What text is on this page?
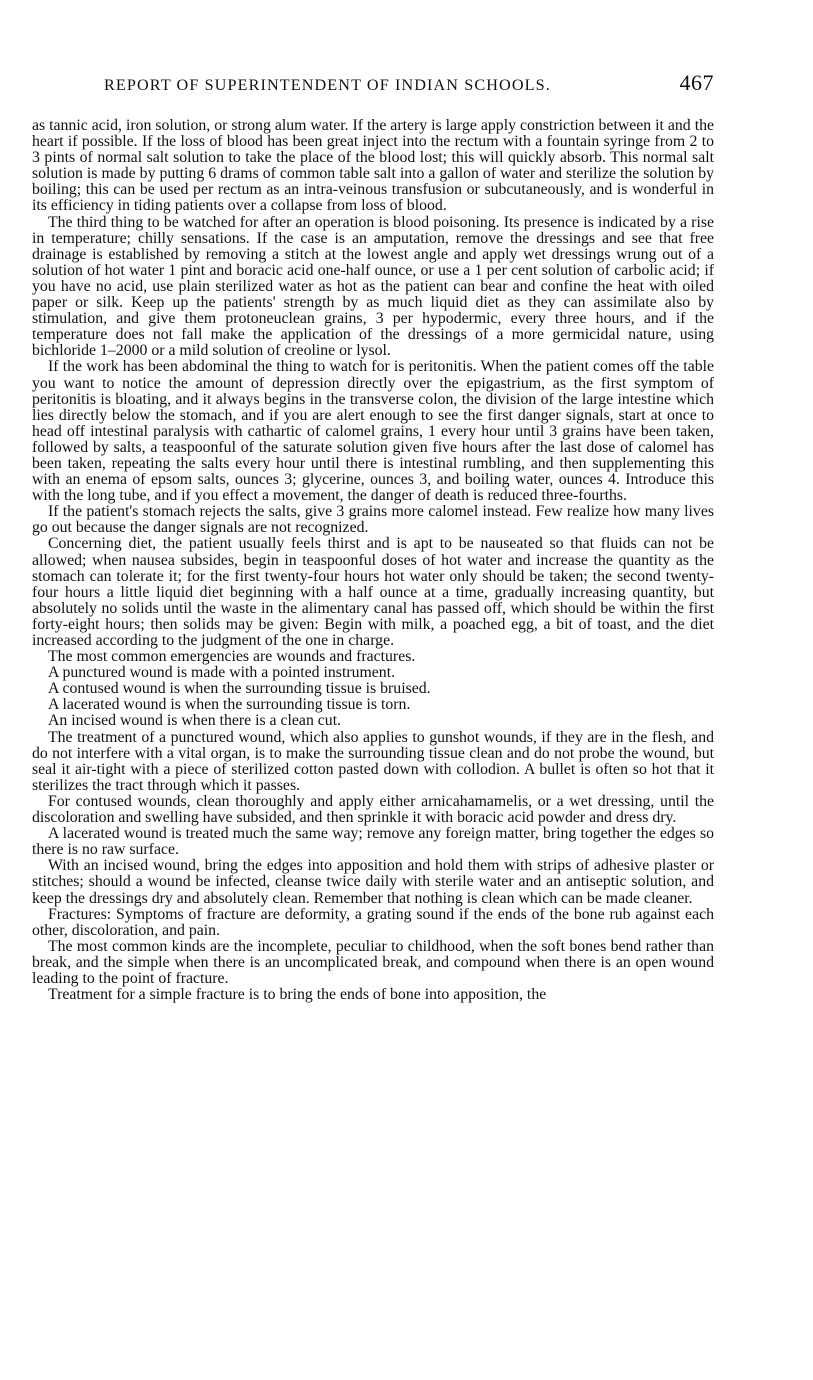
REPORT OF SUPERINTENDENT OF INDIAN SCHOOLS.	467

as tannic acid, iron solution, or strong alum water. If the artery is large apply constriction between it and the heart if possible. If the loss of blood has been great inject into the rectum with a fountain syringe from 2 to 3 pints of normal salt solution to take the place of the blood lost; this will quickly absorb. This normal salt solution is made by putting 6 drams of common table salt into a gallon of water and sterilize the solution by boiling; this can be used per rectum as an intra-veinous transfusion or subcutaneously, and is wonderful in its efficiency in tiding patients over a collapse from loss of blood.

The third thing to be watched for after an operation is blood poisoning. Its presence is indicated by a rise in temperature; chilly sensations. If the case is an amputation, remove the dressings and see that free drainage is established by removing a stitch at the lowest angle and apply wet dressings wrung out of a solution of hot water 1 pint and boracic acid one-half ounce, or use a 1 per cent solution of carbolic acid; if you have no acid, use plain sterilized water as hot as the patient can bear and confine the heat with oiled paper or silk. Keep up the patients' strength by as much liquid diet as they can assimilate also by stimulation, and give them protoneuclean grains, 3 per hypodermic, every three hours, and if the temperature does not fall make the application of the dressings of a more germicidal nature, using bichloride 1–2000 or a mild solution of creoline or lysol.

If the work has been abdominal the thing to watch for is peritonitis. When the patient comes off the table you want to notice the amount of depression directly over the epigastrium, as the first symptom of peritonitis is bloating, and it always begins in the transverse colon, the division of the large intestine which lies directly below the stomach, and if you are alert enough to see the first danger signals, start at once to head off intestinal paralysis with cathartic of calomel grains, 1 every hour until 3 grains have been taken, followed by salts, a teaspoonful of the saturate solution given five hours after the last dose of calomel has been taken, repeating the salts every hour until there is intestinal rumbling, and then supplementing this with an enema of epsom salts, ounces 3; glycerine, ounces 3, and boiling water, ounces 4. Introduce this with the long tube, and if you effect a movement, the danger of death is reduced three-fourths.

If the patient's stomach rejects the salts, give 3 grains more calomel instead. Few realize how many lives go out because the danger signals are not recognized.

Concerning diet, the patient usually feels thirst and is apt to be nauseated so that fluids can not be allowed; when nausea subsides, begin in teaspoonful doses of hot water and increase the quantity as the stomach can tolerate it; for the first twenty-four hours hot water only should be taken; the second twenty-four hours a little liquid diet beginning with a half ounce at a time, gradually increasing quantity, but absolutely no solids until the waste in the alimentary canal has passed off, which should be within the first forty-eight hours; then solids may be given: Begin with milk, a poached egg, a bit of toast, and the diet increased according to the judgment of the one in charge.

The most common emergencies are wounds and fractures.

A punctured wound is made with a pointed instrument.

A contused wound is when the surrounding tissue is bruised.

A lacerated wound is when the surrounding tissue is torn.

An incised wound is when there is a clean cut.

The treatment of a punctured wound, which also applies to gunshot wounds, if they are in the flesh, and do not interfere with a vital organ, is to make the surrounding tissue clean and do not probe the wound, but seal it air-tight with a piece of sterilized cotton pasted down with collodion. A bullet is often so hot that it sterilizes the tract through which it passes.

For contused wounds, clean thoroughly and apply either arnicahamamelis, or a wet dressing, until the discoloration and swelling have subsided, and then sprinkle it with boracic acid powder and dress dry.

A lacerated wound is treated much the same way; remove any foreign matter, bring together the edges so there is no raw surface.

With an incised wound, bring the edges into apposition and hold them with strips of adhesive plaster or stitches; should a wound be infected, cleanse twice daily with sterile water and an antiseptic solution, and keep the dressings dry and absolutely clean. Remember that nothing is clean which can be made cleaner.

Fractures: Symptoms of fracture are deformity, a grating sound if the ends of the bone rub against each other, discoloration, and pain.

The most common kinds are the incomplete, peculiar to childhood, when the soft bones bend rather than break, and the simple when there is an uncomplicated break, and compound when there is an open wound leading to the point of fracture.

Treatment for a simple fracture is to bring the ends of bone into apposition, the
